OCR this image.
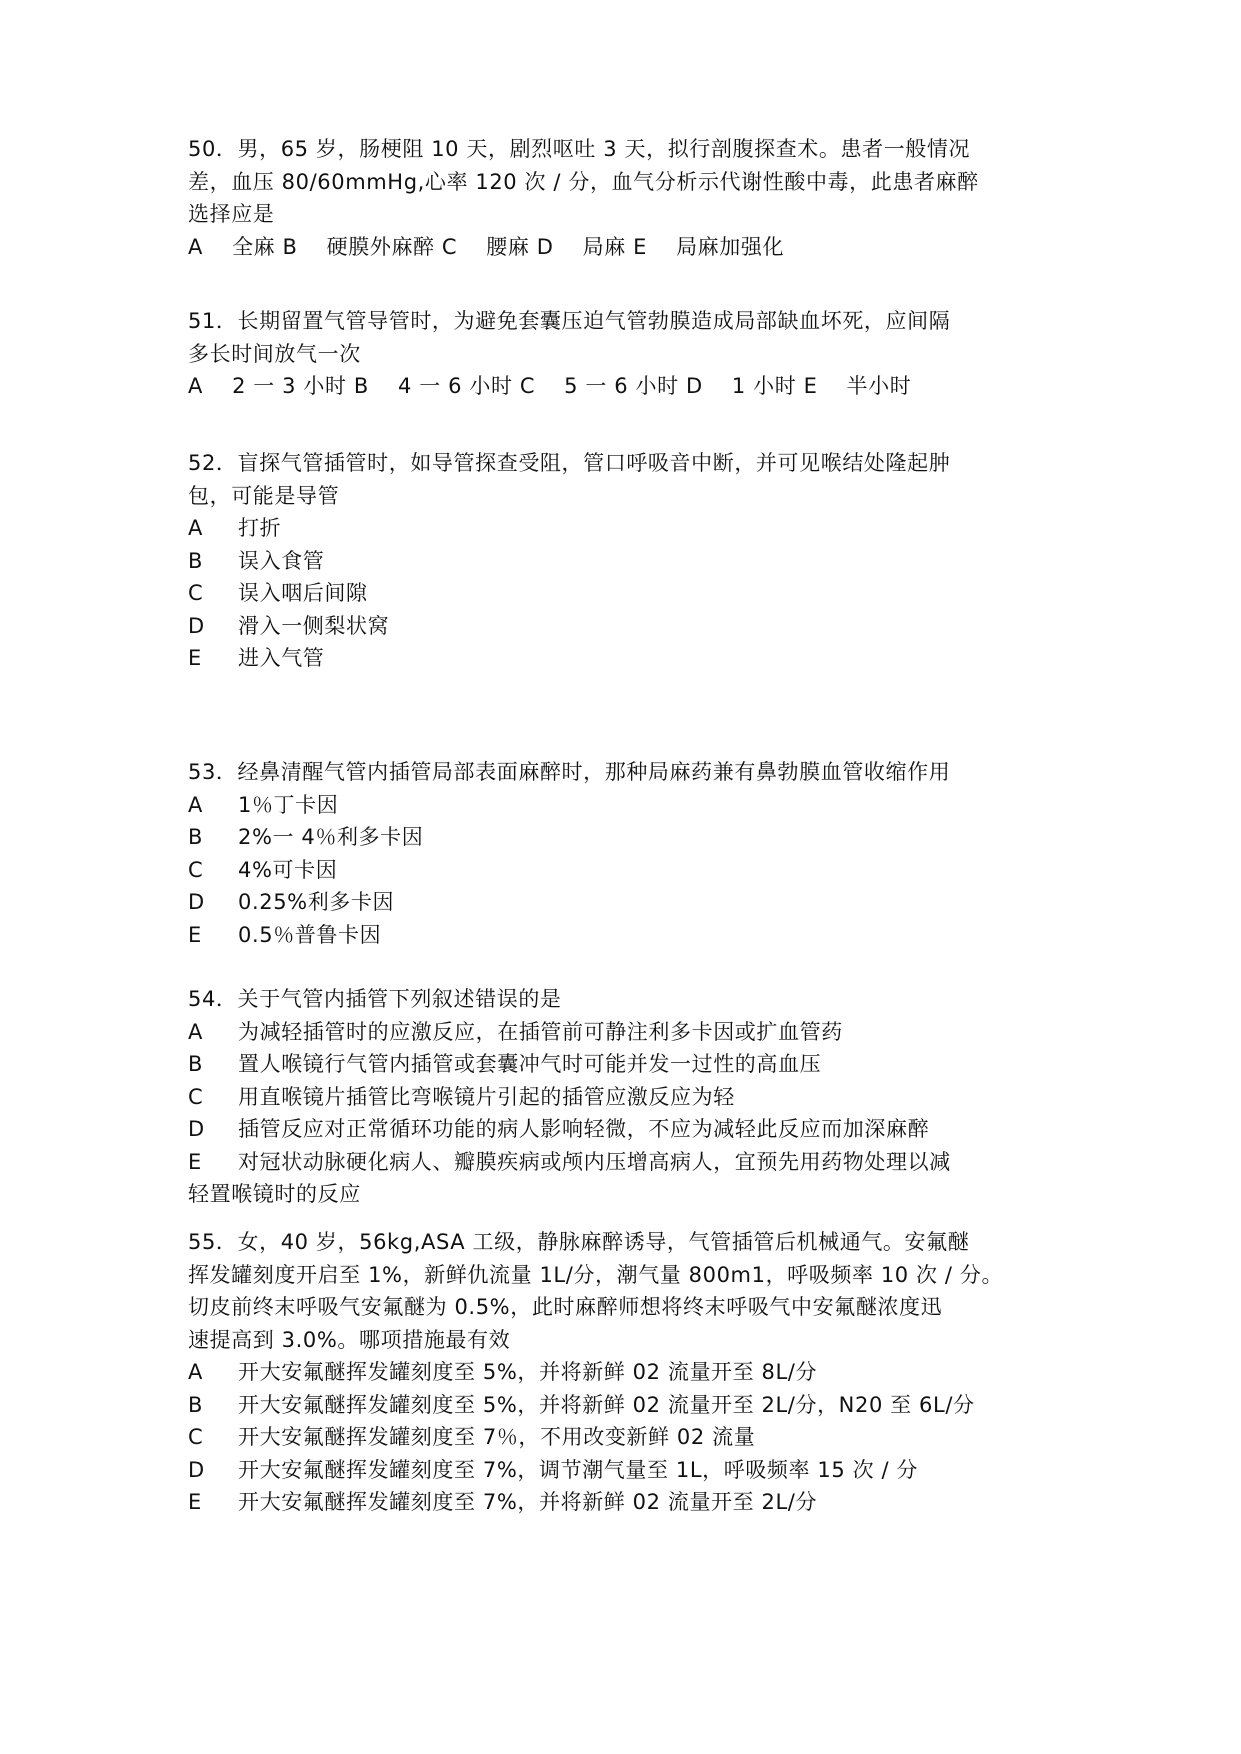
50．男，65 岁，肠梗阻 10 天，剧烈呕吐 3 天，拟行剖腹探查术。患者一般情况
差，血压 80/60mmHg,心率 120 次 / 分，血气分析示代谢性酸中毒，此患者麻醉
选择应是
A    全麻 B    硬膜外麻醉 C    腰麻 D    局麻 E    局麻加强化
51．长期留置气管导管时，为避免套囊压迫气管勃膜造成局部缺血坏死，应间隔
多长时间放气一次
A    2 一 3 小时 B    4 一 6 小时 C    5 一 6 小时 D    1 小时 E    半小时
52．盲探气管插管时，如导管探查受阻，管口呼吸音中断，并可见喉结处隆起肿
包，可能是导管
A	打折
B	误入食管
C	误入咽后间隙
D	滑入一侧梨状窝
E	进入气管
53．经鼻清醒气管内插管局部表面麻醉时，那种局麻药兼有鼻勃膜血管收缩作用
A	1％丁卡因
B	2%一 4％利多卡因
C	4%可卡因
D	0.25%利多卡因
E	0.5％普鲁卡因
54．关于气管内插管下列叙述错误的是
A	为减轻插管时的应激反应，在插管前可静注利多卡因或扩血管药
B	置人喉镜行气管内插管或套囊冲气时可能并发一过性的高血压
C	用直喉镜片插管比弯喉镜片引起的插管应激反应为轻
D	插管反应对正常循环功能的病人影响轻微，不应为减轻此反应而加深麻醉
E	对冠状动脉硬化病人、瓣膜疾病或颅内压增高病人，宜预先用药物处理以减
轻置喉镜时的反应
55．女，40 岁，56kg,ASA 工级，静脉麻醉诱导，气管插管后机械通气。安氟醚
挥发罐刻度开启至 1%，新鲜仇流量 1L/分，潮气量 800m1，呼吸频率 10 次 / 分。
切皮前终末呼吸气安氟醚为 0.5%，此时麻醉师想将终末呼吸气中安氟醚浓度迅
速提高到 3.0%。哪项措施最有效
A	开大安氟醚挥发罐刻度至 5%，并将新鲜 02 流量开至 8L/分
B	开大安氟醚挥发罐刻度至 5%，并将新鲜 02 流量开至 2L/分，N20 至 6L/分
C	开大安氟醚挥发罐刻度至 7％，不用改变新鲜 02 流量
D	开大安氟醚挥发罐刻度至 7%，调节潮气量至 1L，呼吸频率 15 次 / 分
E	开大安氟醚挥发罐刻度至 7%，并将新鲜 02 流量开至 2L/分
